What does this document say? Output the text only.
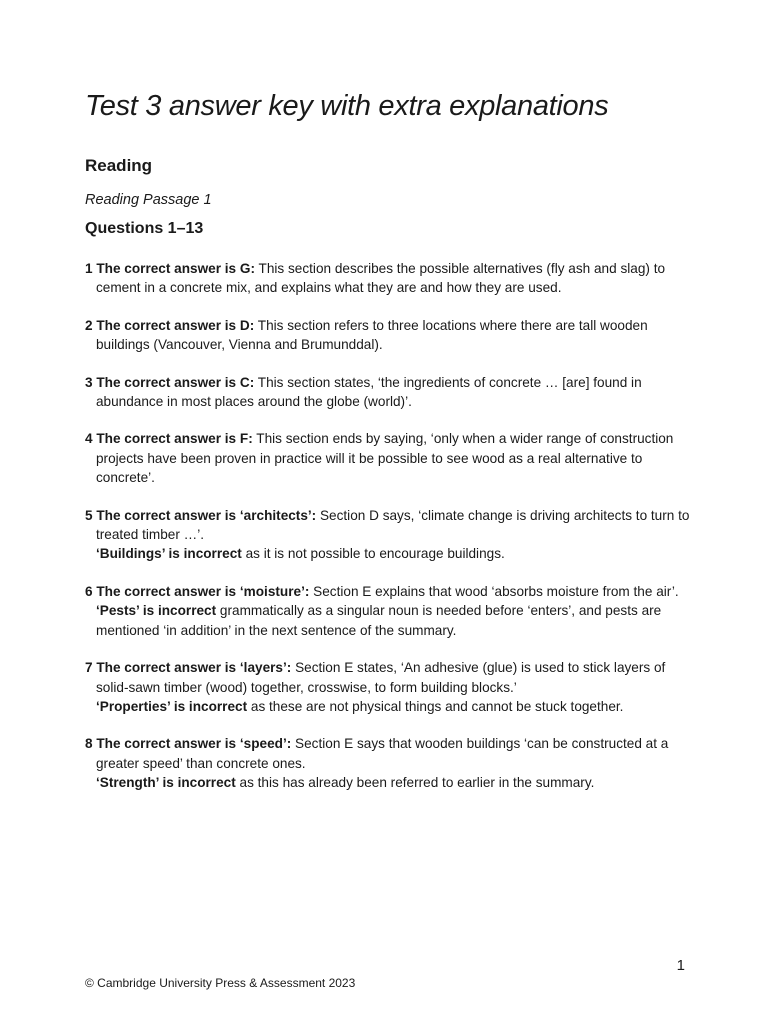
Test 3 answer key with extra explanations
Reading
Reading Passage 1
Questions 1–13
1 The correct answer is G: This section describes the possible alternatives (fly ash and slag) to cement in a concrete mix, and explains what they are and how they are used.
2 The correct answer is D: This section refers to three locations where there are tall wooden buildings (Vancouver, Vienna and Brumunddal).
3 The correct answer is C: This section states, ‘the ingredients of concrete … [are] found in abundance in most places around the globe (world)’.
4 The correct answer is F: This section ends by saying, ‘only when a wider range of construction projects have been proven in practice will it be possible to see wood as a real alternative to concrete’.
5 The correct answer is ‘architects’: Section D says, ‘climate change is driving architects to turn to treated timber …’.
‘Buildings’ is incorrect as it is not possible to encourage buildings.
6 The correct answer is ‘moisture’: Section E explains that wood ‘absorbs moisture from the air’.
‘Pests’ is incorrect grammatically as a singular noun is needed before ‘enters’, and pests are mentioned ‘in addition’ in the next sentence of the summary.
7 The correct answer is ‘layers’: Section E states, ‘An adhesive (glue) is used to stick layers of solid-sawn timber (wood) together, crosswise, to form building blocks.’
‘Properties’ is incorrect as these are not physical things and cannot be stuck together.
8 The correct answer is ‘speed’: Section E says that wooden buildings ‘can be constructed at a greater speed’ than concrete ones.
‘Strength’ is incorrect as this has already been referred to earlier in the summary.
1
© Cambridge University Press & Assessment 2023
